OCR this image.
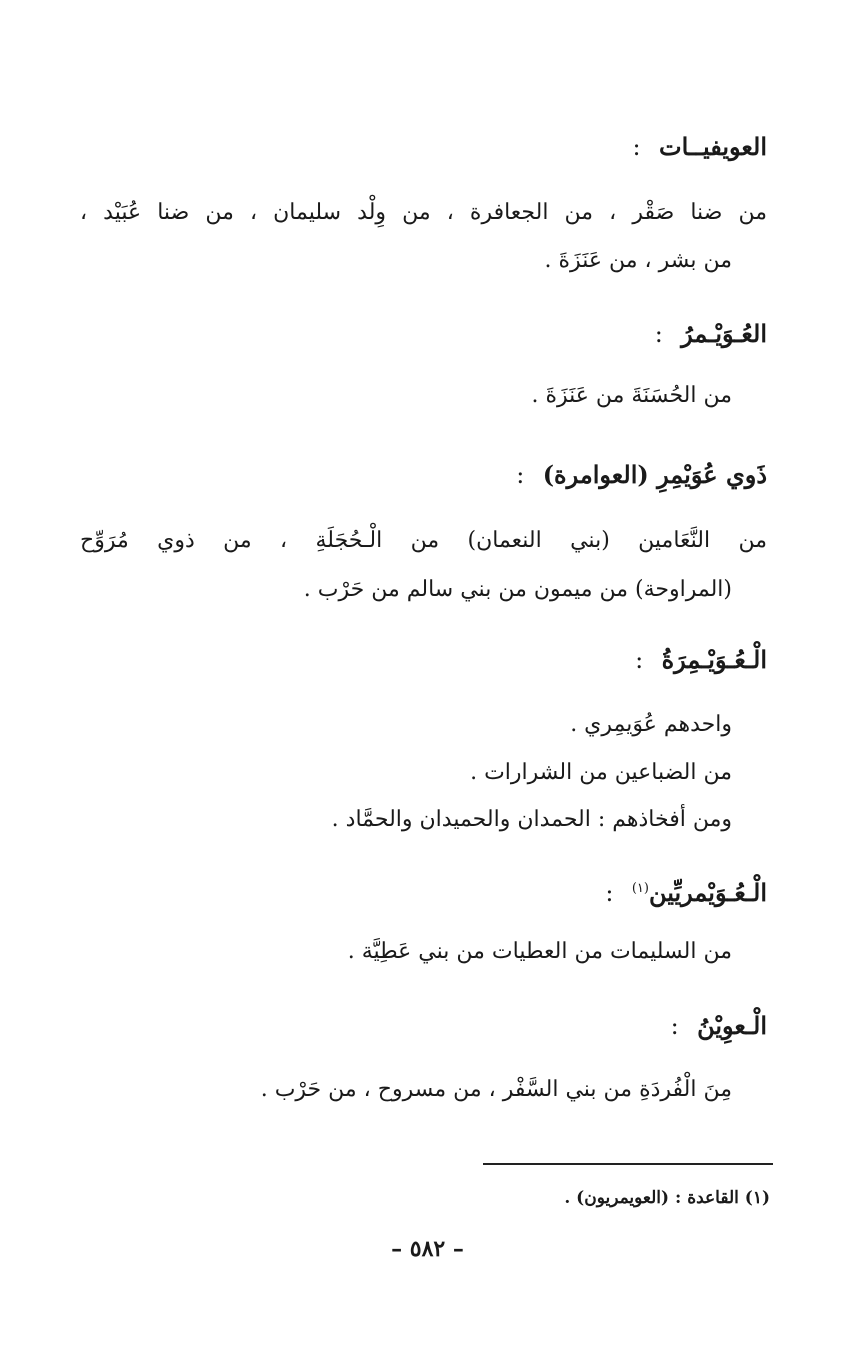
العويفيــات :
من ضنا صَقْر ، من الجعافرة ، من وِلْد سليمان ، من ضنا عُبَيْد ،
من بشر ، من عَنَزَةَ .
العُـوَيْـمرُ :
من الحُسَنَةَ من عَنَزَةَ .
ذَوي عُوَيْمِرِ (العوامرة) :
من النَّعَامين (بني النعمان) من الْـحُجَلَةِ ، من ذوي مُرَوِّح
(المراوحة) من ميمون من بني سالم من حَرْب .
الْـعُـوَيْـمِرَةُ :
واحدهم عُوَيمِري .
من الضباعين من الشرارات .
ومن أفخاذهم : الحمدان والحميدان والحمَّاد .
الْـعُـوَيْمريِّين$^{(١)}$ :
من السليمات من العطيات من بني عَطِيَّة .
الْـعوِيْنُ :
مِنَ الْفُردَةِ من بني السَّفْر ، من مسروح ، من حَرْب .
(١) القاعدة : (العويمريون) .
– ٥٨٢ –
